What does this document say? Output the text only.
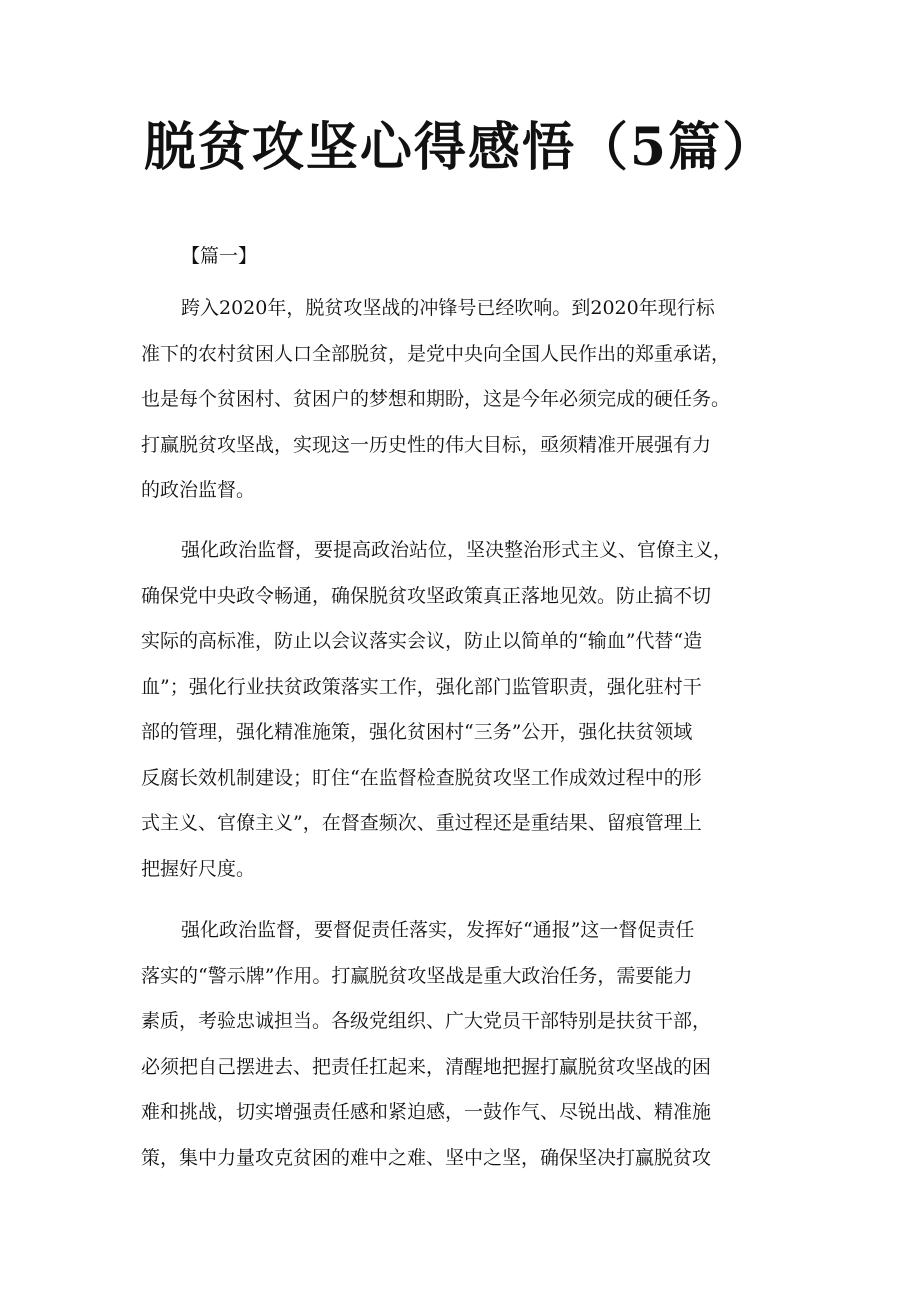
脱贫攻坚心得感悟（5篇）
【篇一】
跨入2020年，脱贫攻坚战的冲锋号已经吹响。到2020年现行标
准下的农村贫困人口全部脱贫，是党中央向全国人民作出的郑重承诺，
也是每个贫困村、贫困户的梦想和期盼，这是今年必须完成的硬任务。
打赢脱贫攻坚战，实现这一历史性的伟大目标，亟须精准开展强有力
的政治监督。
强化政治监督，要提高政治站位，坚决整治形式主义、官僚主义，
确保党中央政令畅通，确保脱贫攻坚政策真正落地见效。防止搞不切
实际的高标准，防止以会议落实会议，防止以简单的“输血”代替“造
血”；强化行业扶贫政策落实工作，强化部门监管职责，强化驻村干
部的管理，强化精准施策，强化贫困村“三务”公开，强化扶贫领域
反腐长效机制建设；盯住“在监督检查脱贫攻坚工作成效过程中的形
式主义、官僚主义”，在督查频次、重过程还是重结果、留痕管理上
把握好尺度。
强化政治监督，要督促责任落实，发挥好“通报”这一督促责任
落实的“警示牌”作用。打赢脱贫攻坚战是重大政治任务，需要能力
素质，考验忠诚担当。各级党组织、广大党员干部特别是扶贫干部，
必须把自己摆进去、把责任扛起来，清醒地把握打赢脱贫攻坚战的困
难和挑战，切实增强责任感和紧迫感，一鼓作气、尽锐出战、精准施
策，集中力量攻克贫困的难中之难、坚中之坚，确保坚决打赢脱贫攻
